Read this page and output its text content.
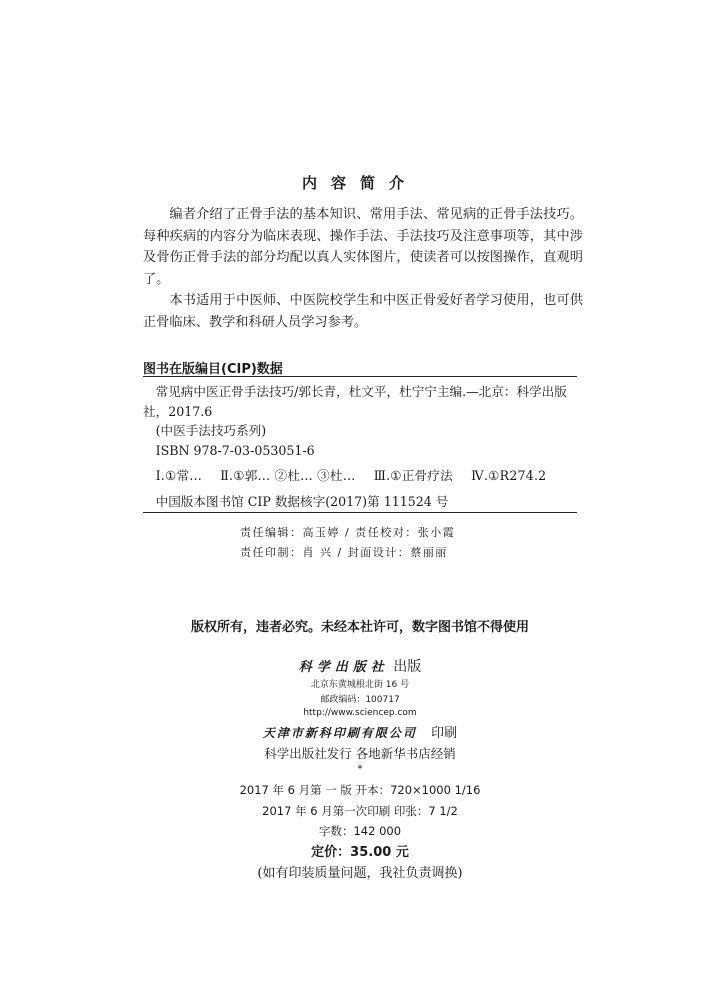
内容简介

编者介绍了正骨手法的基本知识、常用手法、常见病的正骨手法技巧。每种疾病的内容分为临床表现、操作手法、手法技巧及注意事项等，其中涉及骨伤正骨手法的部分均配以真人实体图片，使读者可以按图操作，直观明了。

本书适用于中医师、中医院校学生和中医正骨爱好者学习使用，也可供正骨临床、教学和科研人员学习参考。

图书在版编目(CIP)数据

常见病中医正骨手法技巧/郭长青，杜文平，杜宁宁主编.—北京：科学出版社，2017.6

(中医手法技巧系列)

ISBN 978-7-03-053051-6

Ⅰ.①常… Ⅱ.①郭… ②杜… ③杜… Ⅲ.①正骨疗法 Ⅳ.①R274.2

中国版本图书馆 CIP 数据核字(2017)第 111524 号
责任编辑：高玉婷 / 责任校对：张小霞
责任印制：肖 兴 / 封面设计：蔡丽丽
版权所有，违者必究。未经本社许可，数字图书馆不得使用
科学出版社 出版
北京东黄城根北街 16 号
邮政编码：100717
http://www.sciencep.com
天津市新科印刷有限公司 印刷
科学出版社发行 各地新华书店经销
*
2017 年 6 月第 一 版 开本：720×1000 1/16
2017 年 6 月第一次印刷 印张：7 1/2
字数：142 000
定价：35.00 元
(如有印装质量问题，我社负责调换)
